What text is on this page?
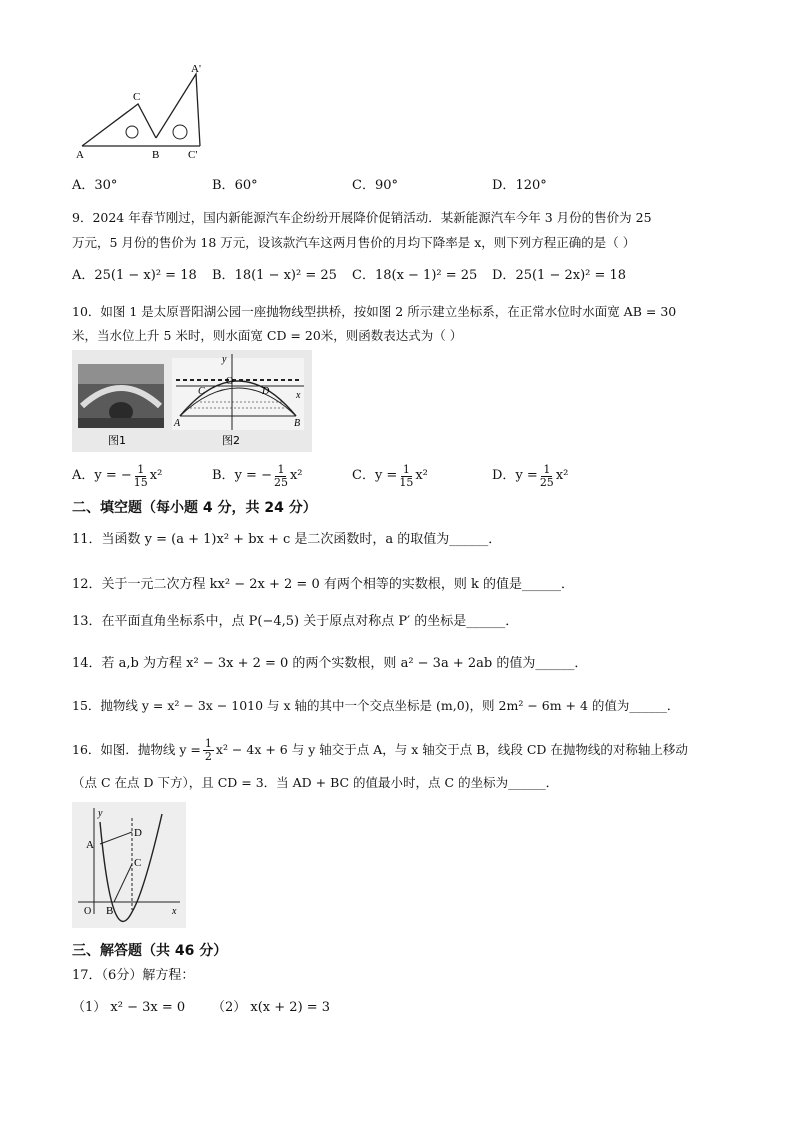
C
A'
A	B	C'
A．30°	B．60°	C．90°	D．120°
9．2024 年春节刚过，国内新能源汽车企纷纷开展降价促销活动．某新能源汽车今年 3 月份的售价为 25
万元，5 月份的售价为 18 万元，设该款汽车这两月售价的月均下降率是 x，则下列方程正确的是（ ）
A．25(1 − x)² = 18 B．18(1 − x)² = 25 C．18(x − 1)² = 25 D．25(1 − 2x)² = 18
10．如图 1 是太原晋阳湖公园一座抛物线型拱桥，按如图 2 所示建立坐标系，在正常水位时水面宽 AB = 30
米，当水位上升 5 米时，则水面宽 CD = 20米，则函数表达式为（ ）
图1
y
x
O
C	D
A	B
图2
A． y = − $\frac{1}{15} x^2$	B． y = − $\frac{1}{25} x^2$	C． $y = \frac{1}{15} x^2$	D． $y = \frac{1}{25} x^2$
二、填空题（每小题 4 分，共 24 分）
11．当函数 y = (a + 1)x² + bx + c 是二次函数时，a 的取值为______．
12．关于一元二次方程 kx² − 2x + 2 = 0 有两个相等的实数根，则 k 的值是______．
13．在平面直角坐标系中，点 P(−4,5) 关于原点对称点 P′ 的坐标是______．
14．若 a,b 为方程 x² − 3x + 2 = 0 的两个实数根，则 a² − 3a + 2ab 的值为______．
15．抛物线 y = x² − 3x − 1010 与 x 轴的其中一个交点坐标是 (m,0)，则 2m² − 6m + 4 的值为______．
16．如图．抛物线 $y = \frac{1}{2} x^2 - 4x + 6$ 与 y 轴交于点 A，与 x 轴交于点 B，线段 CD 在抛物线的对称轴上移动
（点 C 在点 D 下方），且 CD = 3．当 AD + BC 的值最小时，点 C 的坐标为______．
y
x
O
A
B
C
D
三、解答题（共 46 分）
17．（6分）解方程：
（1） x² − 3x = 0 （2） x(x + 2) = 3
